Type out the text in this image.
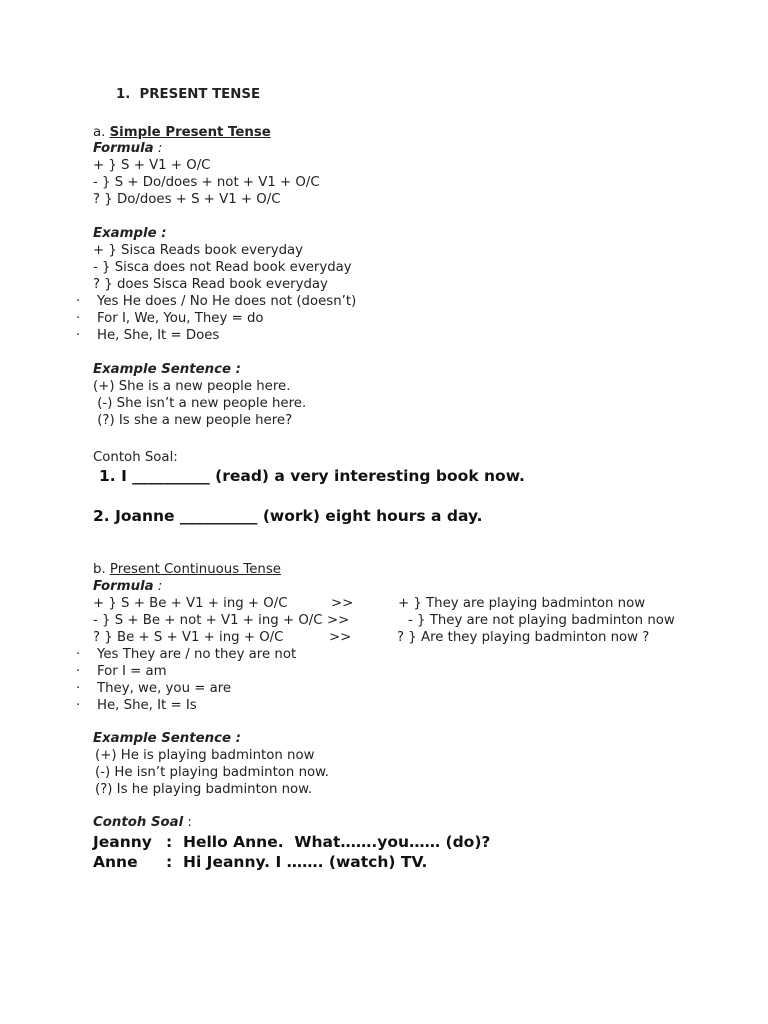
1.  PRESENT TENSE
a. Simple Present Tense
Formula :
+ } S + V1 + O/C
- } S + Do/does + not + V1 + O/C
? } Do/does + S + V1 + O/C
Example :
+ } Sisca Reads book everyday
- } Sisca does not Read book everyday
? } does Sisca Read book everyday
· Yes He does / No He does not (doesn’t)
· For I, We, You, They = do
· He, She, It = Does
Example Sentence :
(+) She is a new people here.
(-) She isn’t a new people here.
(?) Is she a new people here?
Contoh Soal:
1. I __________ (read) a very interesting book now.
2. Joanne __________ (work) eight hours a day.
b. Present Continuous Tense
Formula :
+ } S + Be + V1 + ing + O/C	>>	+ } They are playing badminton now
- } S + Be + not + V1 + ing + O/C >>	- } They are not playing badminton now
? } Be + S + V1 + ing + O/C	>>	? } Are they playing badminton now ?
· Yes They are / no they are not
· For I = am
· They, we, you = are
· He, She, It = Is
Example Sentence :
(+) He is playing badminton now
(-) He isn’t playing badminton now.
(?) Is he playing badminton now.
Contoh Soal :
Jeanny : Hello Anne.  What…….you…… (do)?
Anne : Hi Jeanny. I ……. (watch) TV.
